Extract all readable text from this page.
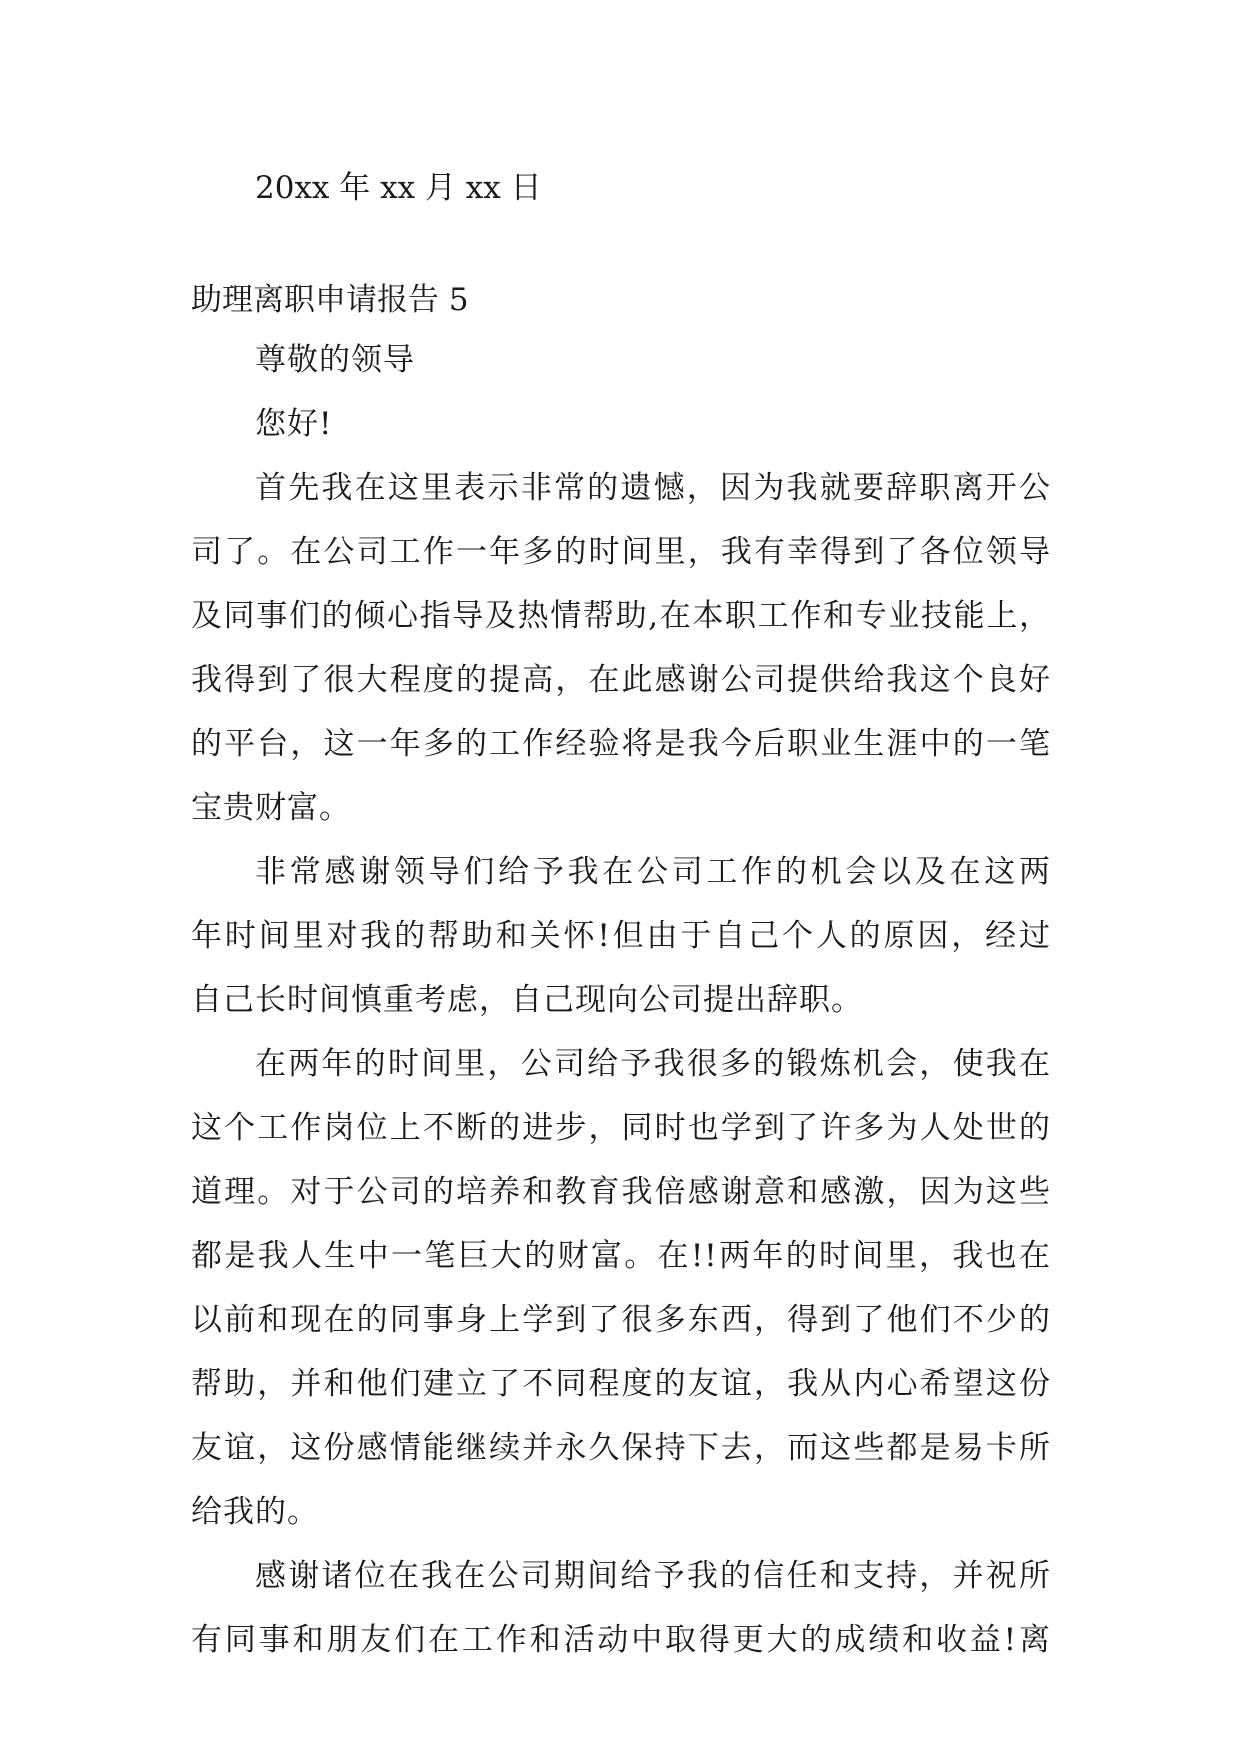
20xx 年 xx 月 xx 日
助理离职申请报告 5
尊敬的领导
您好!
首先我在这里表示非常的遗憾，因为我就要辞职离开公
司了。在公司工作一年多的时间里，我有幸得到了各位领导
及同事们的倾心指导及热情帮助,在本职工作和专业技能上，
我得到了很大程度的提高，在此感谢公司提供给我这个良好
的平台，这一年多的工作经验将是我今后职业生涯中的一笔
宝贵财富。
非常感谢领导们给予我在公司工作的机会以及在这两
年时间里对我的帮助和关怀!但由于自己个人的原因，经过
自己长时间慎重考虑，自己现向公司提出辞职。
在两年的时间里，公司给予我很多的锻炼机会，使我在
这个工作岗位上不断的进步，同时也学到了许多为人处世的
道理。对于公司的培养和教育我倍感谢意和感激，因为这些
都是我人生中一笔巨大的财富。在!!两年的时间里，我也在
以前和现在的同事身上学到了很多东西，得到了他们不少的
帮助，并和他们建立了不同程度的友谊，我从内心希望这份
友谊，这份感情能继续并永久保持下去，而这些都是易卡所
给我的。
感谢诸位在我在公司期间给予我的信任和支持，并祝所
有同事和朋友们在工作和活动中取得更大的成绩和收益!离
